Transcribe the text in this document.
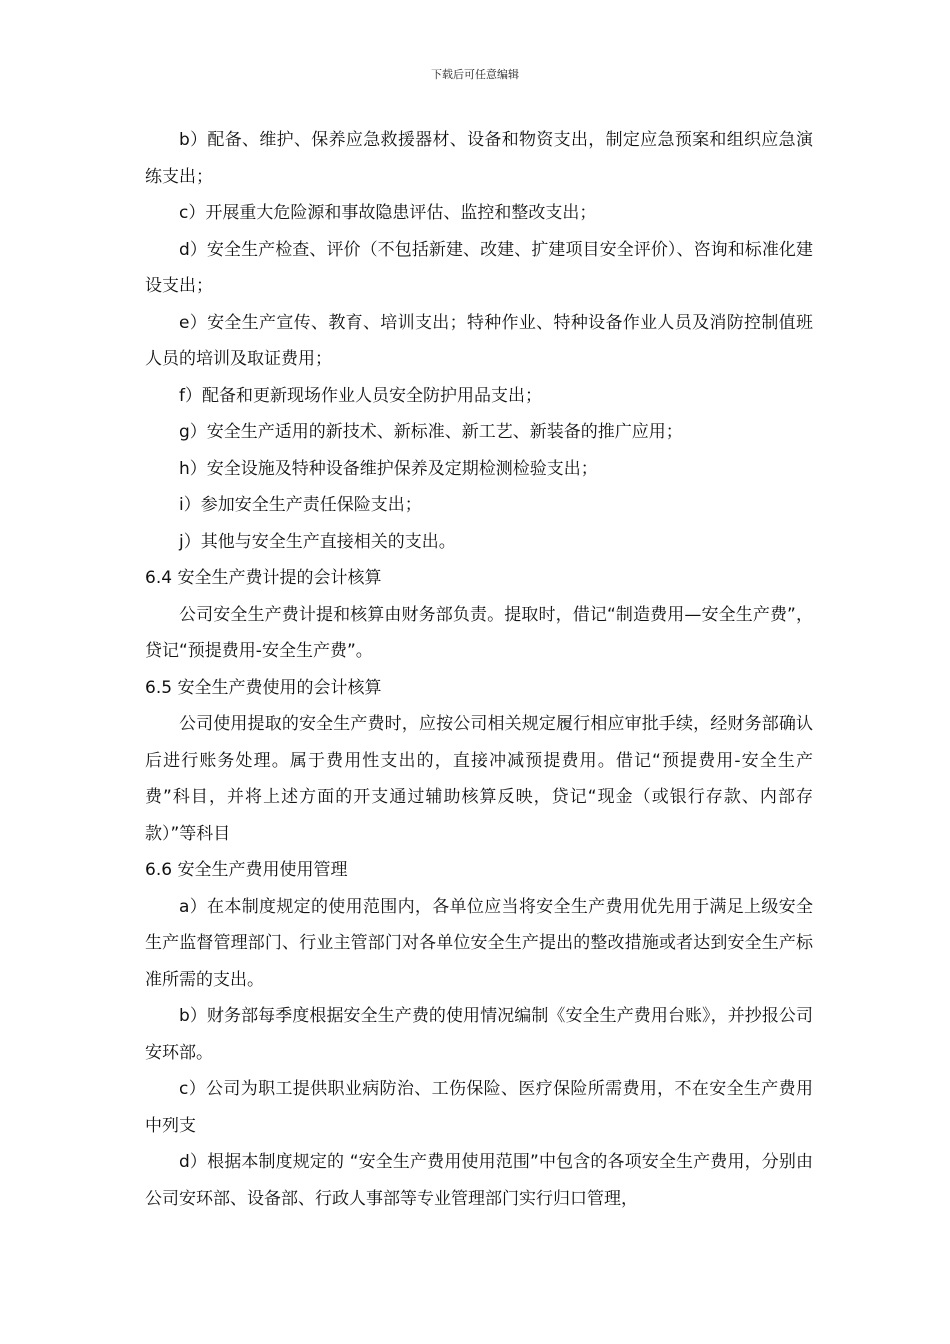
下载后可任意编辑

b）配备、维护、保养应急救援器材、设备和物资支出，制定应急预案和组织应急演练支出；

c）开展重大危险源和事故隐患评估、监控和整改支出；

d）安全生产检查、评价（不包括新建、改建、扩建项目安全评价）、咨询和标准化建设支出；

e）安全生产宣传、教育、培训支出；特种作业、特种设备作业人员及消防控制值班人员的培训及取证费用；

f）配备和更新现场作业人员安全防护用品支出；

g）安全生产适用的新技术、新标准、新工艺、新装备的推广应用；

h）安全设施及特种设备维护保养及定期检测检验支出；

i）参加安全生产责任保险支出；

j）其他与安全生产直接相关的支出。

6.4 安全生产费计提的会计核算

公司安全生产费计提和核算由财务部负责。提取时，借记“制造费用—安全生产费”，贷记“预提费用-安全生产费”。

6.5 安全生产费使用的会计核算

公司使用提取的安全生产费时，应按公司相关规定履行相应审批手续，经财务部确认后进行账务处理。属于费用性支出的，直接冲减预提费用。借记“预提费用-安全生产费”科目，并将上述方面的开支通过辅助核算反映，贷记“现金（或银行存款、内部存款）”等科目

6.6 安全生产费用使用管理

a）在本制度规定的使用范围内，各单位应当将安全生产费用优先用于满足上级安全生产监督管理部门、行业主管部门对各单位安全生产提出的整改措施或者达到安全生产标准所需的支出。

b）财务部每季度根据安全生产费的使用情况编制《安全生产费用台账》，并抄报公司安环部。

c）公司为职工提供职业病防治、工伤保险、医疗保险所需费用，不在安全生产费用中列支

d）根据本制度规定的 “安全生产费用使用范围”中包含的各项安全生产费用，分别由公司安环部、设备部、行政人事部等专业管理部门实行归口管理，
